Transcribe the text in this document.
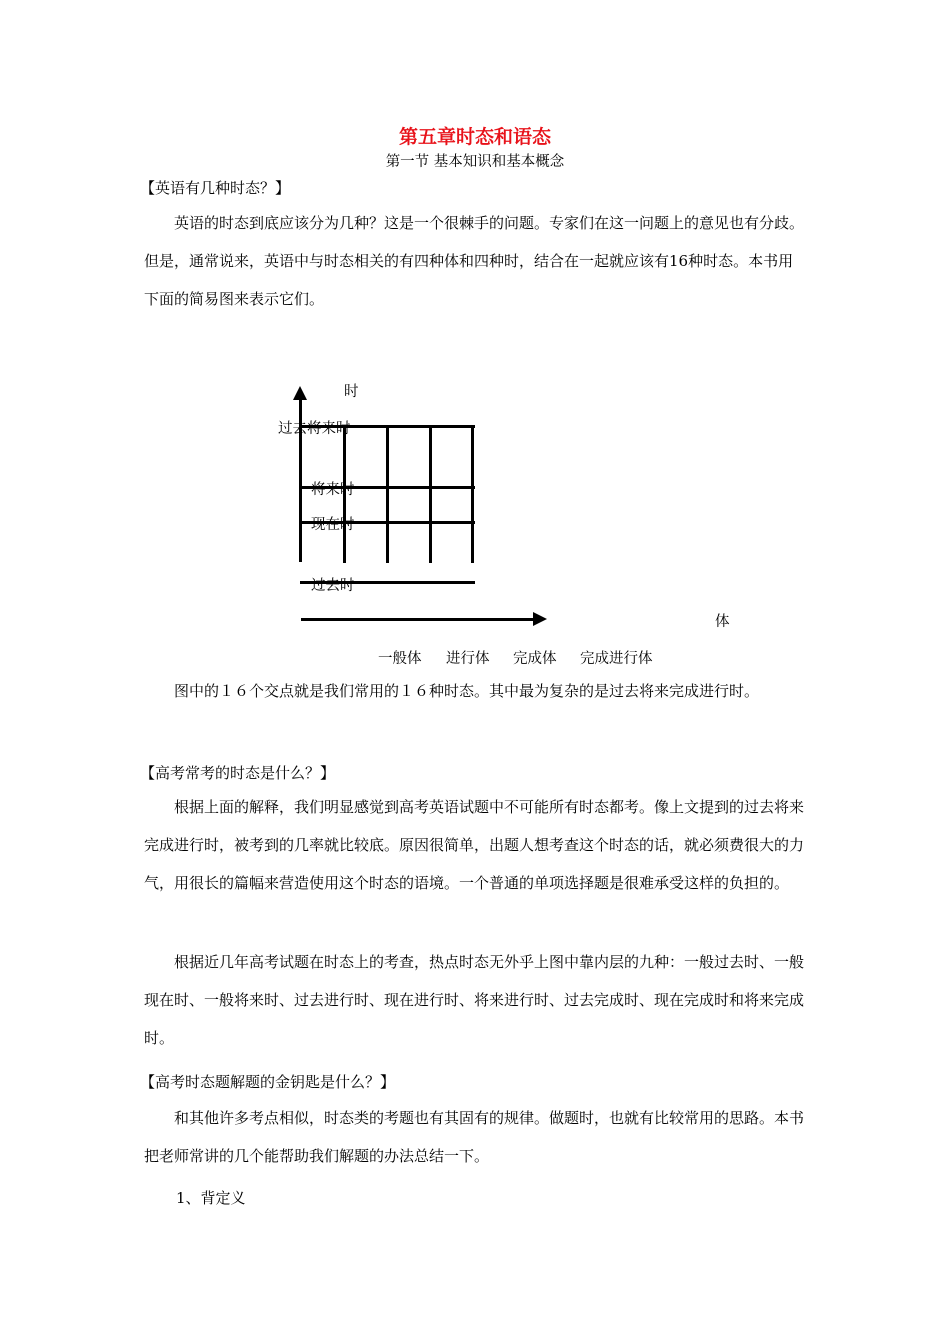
第五章时态和语态
第一节 基本知识和基本概念
【英语有几种时态？】

英语的时态到底应该分为几种？这是一个很棘手的问题。专家们在这一问题上的意见也有分歧。但是，通常说来，英语中与时态相关的有四种体和四种时，结合在一起就应该有16种时态。本书用下面的简易图来表示它们。

时
过去将来时
将来时
现在时
过去时
体
一般体 进行体 完成体 完成进行体

图中的１６个交点就是我们常用的１６种时态。其中最为复杂的是过去将来完成进行时。

【高考常考的时态是什么？】

根据上面的解释，我们明显感觉到高考英语试题中不可能所有时态都考。像上文提到的过去将来完成进行时，被考到的几率就比较底。原因很简单，出题人想考查这个时态的话，就必须费很大的力气，用很长的篇幅来营造使用这个时态的语境。一个普通的单项选择题是很难承受这样的负担的。

根据近几年高考试题在时态上的考查，热点时态无外乎上图中靠内层的九种：一般过去时、一般现在时、一般将来时、过去进行时、现在进行时、将来进行时、过去完成时、现在完成时和将来完成时。

【高考时态题解题的金钥匙是什么？】

和其他许多考点相似，时态类的考题也有其固有的规律。做题时，也就有比较常用的思路。本书把老师常讲的几个能帮助我们解题的办法总结一下。

1、背定义
